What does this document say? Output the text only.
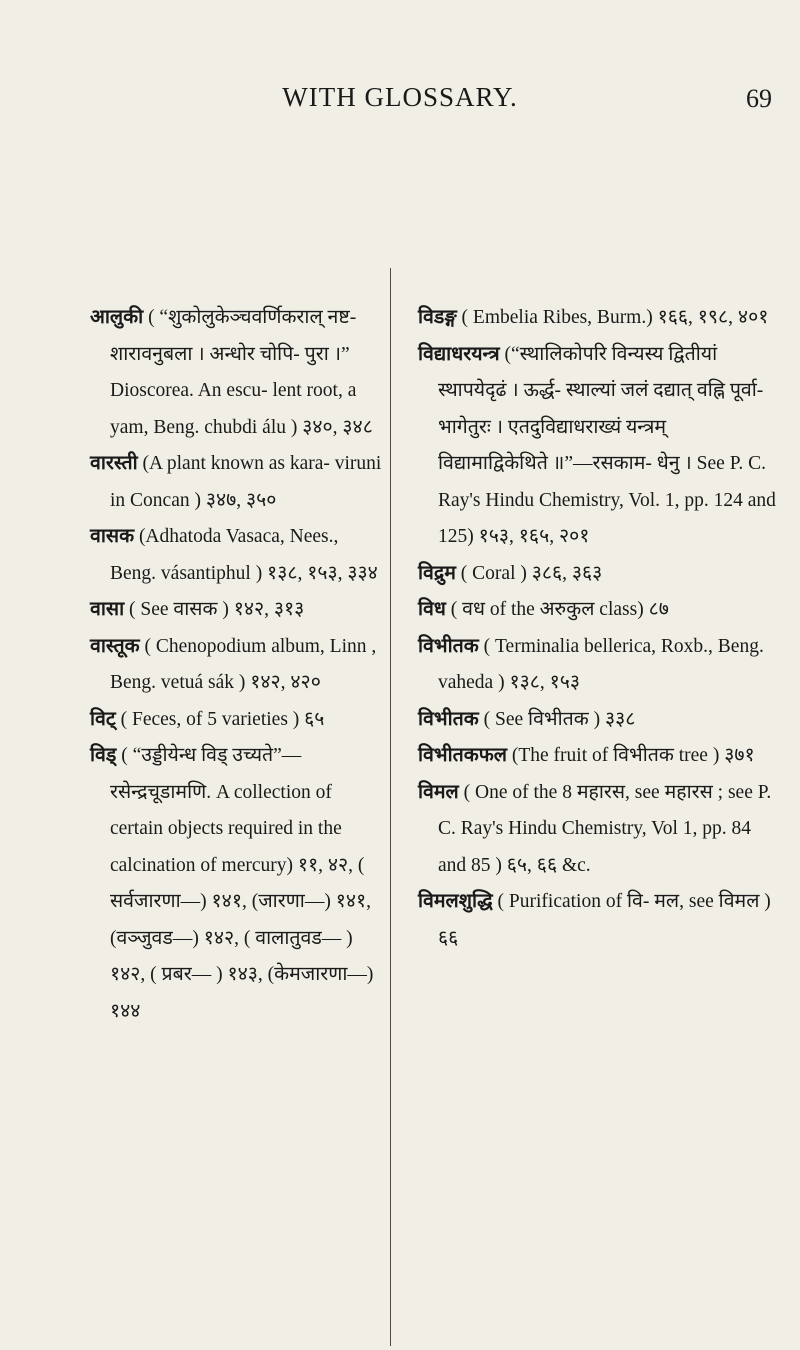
WITH GLOSSARY.	69

आलुकी ( “शुकोलुकेञ्चवर्णिकराल् नष्ट- शारावनुबला । अन्धोर चोपि- पुरा ।” Dioscorea. An escu- lent root, a yam, Beng. chubdi álu ) ३४०, ३४८

वारस्ती (A plant known as kara- viruni in Concan ) ३४७, ३५०

वासक (Adhatoda Vasaca, Nees., Beng. vásantiphul ) १३८, १५३, ३३४

वासा ( See वासक ) १४२, ३१३

वास्तूक ( Chenopodium album, Linn , Beng. vetuá sák ) १४२, ४२०

विट् ( Feces, of 5 varieties ) ६५

विड् ( “उड्डीयेन्ध विड्‌ उच्यते”— रसेन्द्रचूडामणि. A collection of certain objects required in the calcination of mercury) ११, ४२, ( सर्वजारणा—) १४१, (जारणा—) १४१, (वञ्जुवड—) १४२, ( वालातुवड— ) १४२, ( प्रबर— ) १४३, (केमजारणा—) १४४

विडङ्ग ( Embelia Ribes, Burm.) १६६, १९८, ४०१

विद्याधरयन्त्र (“स्थालिकोपरि विन्यस्य द्वितीयां स्थापयेदृढं । ऊर्द्ध- स्थाल्यां जलं दद्यात् वह्नि पूर्वा- भागेतुरः । एतदुविद्याधराख्यं यन्त्रम् विद्यामाद्विकेथिते ॥”—रसकाम- धेनु । See P. C. Ray's Hindu Chemistry, Vol. 1, pp. 124 and 125) १५३, १६५, २०१

विद्रुम ( Coral ) ३८६, ३६३

विध ( वध of the अरुकुल class) ८७

विभीतक ( Terminalia bellerica, Roxb., Beng. vaheda ) १३८, १५३

विभीतक ( See विभीतक ) ३३८

विभीतकफल (The fruit of विभीतक tree ) ३७१

विमल ( One of the 8 महारस, see महारस ; see P. C. Ray's Hindu Chemistry, Vol 1, pp. 84 and 85 ) ६५, ६६ &c.

विमलशुद्धि ( Purification of वि- मल, see विमल ) ६६
